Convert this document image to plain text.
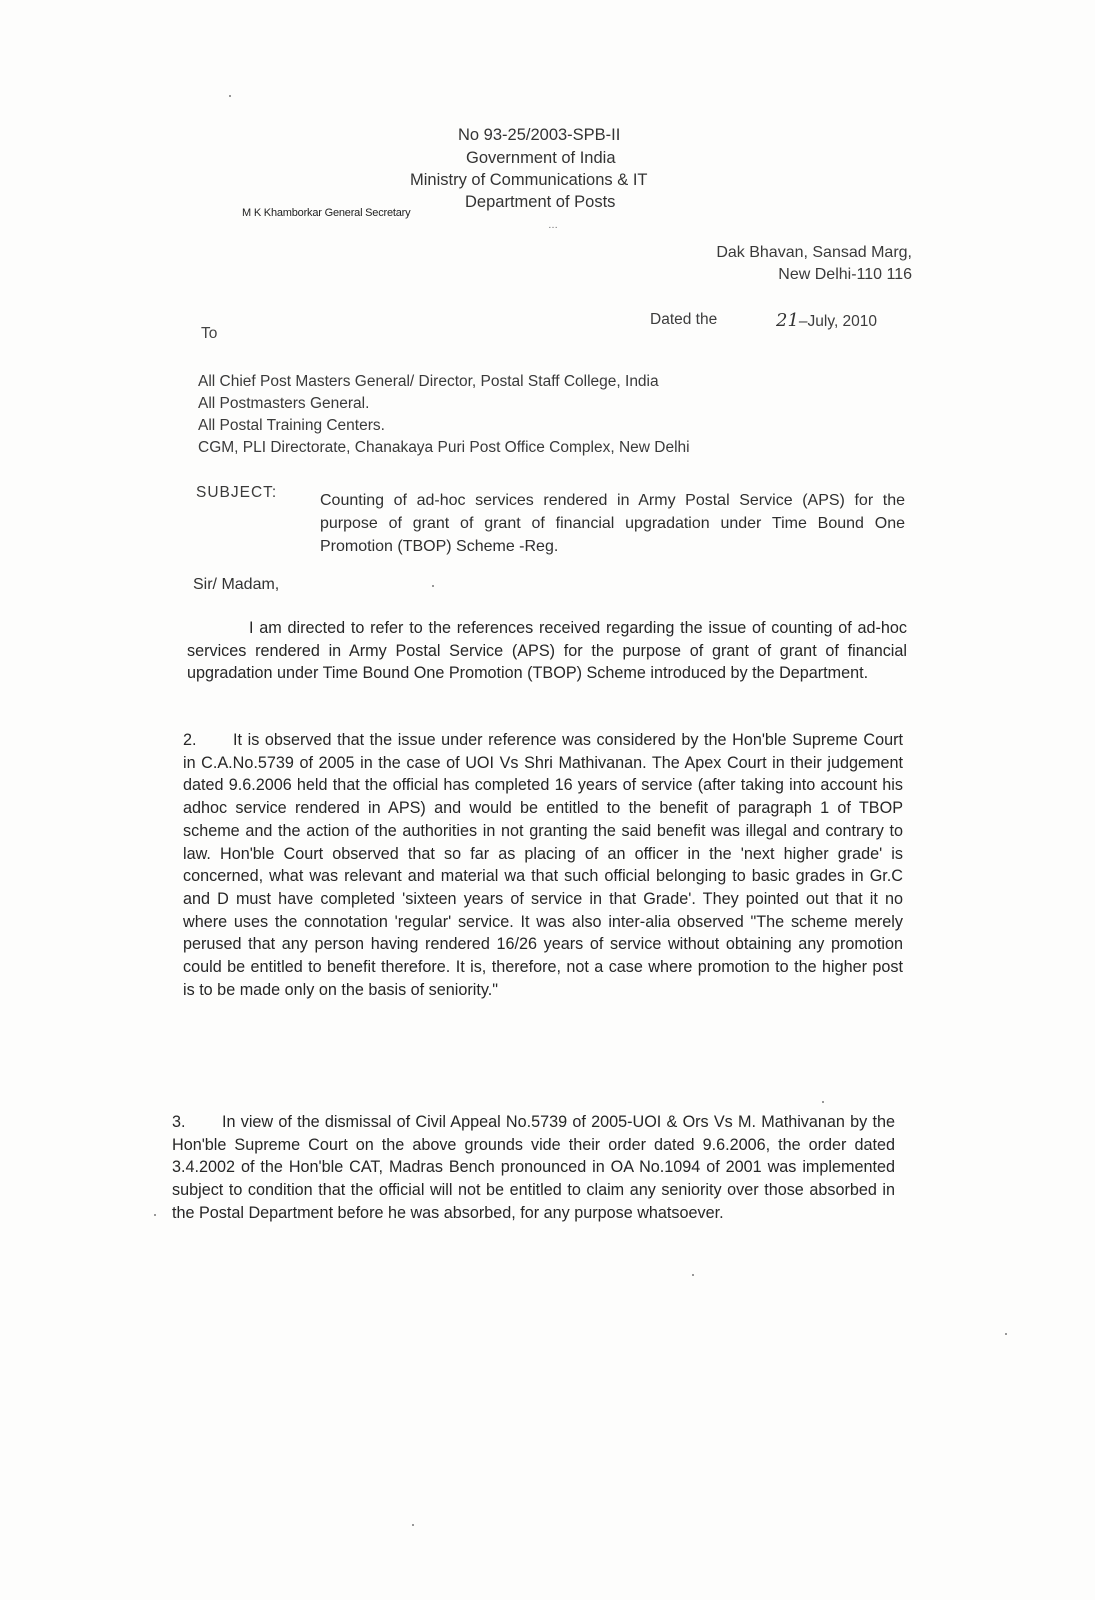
No 93-25/2003-SPB-II
Government of India
Ministry of Communications & IT
Department of Posts
M K Khamborkar General Secretary
…
Dak Bhavan, Sansad Marg,
New Delhi-110 116
Dated the	21–July, 2010
To
All Chief Post Masters General/ Director, Postal Staff College, India
All Postmasters General.
All Postal Training Centers.
CGM, PLI Directorate, Chanakaya Puri Post Office Complex, New Delhi
SUBJECT:	Counting of ad-hoc services rendered in Army Postal Service (APS) for the purpose of grant of grant of financial upgradation under Time Bound One Promotion (TBOP) Scheme -Reg.
Sir/ Madam,
I am directed to refer to the references received regarding the issue of counting of ad-hoc services rendered in Army Postal Service (APS) for the purpose of grant of grant of financial upgradation under Time Bound One Promotion (TBOP) Scheme introduced by the Department.
2. It is observed that the issue under reference was considered by the Hon'ble Supreme Court in C.A.No.5739 of 2005 in the case of UOI Vs Shri Mathivanan. The Apex Court in their judgement dated 9.6.2006 held that the official has completed 16 years of service (after taking into account his adhoc service rendered in APS) and would be entitled to the benefit of paragraph 1 of TBOP scheme and the action of the authorities in not granting the said benefit was illegal and contrary to law. Hon'ble Court observed that so far as placing of an officer in the 'next higher grade' is concerned, what was relevant and material wa that such official belonging to basic grades in Gr.C and D must have completed 'sixteen years of service in that Grade'. They pointed out that it no where uses the connotation 'regular' service. It was also inter-alia observed "The scheme merely perused that any person having rendered 16/26 years of service without obtaining any promotion could be entitled to benefit therefore. It is, therefore, not a case where promotion to the higher post is to be made only on the basis of seniority."
3. In view of the dismissal of Civil Appeal No.5739 of 2005-UOI & Ors Vs M. Mathivanan by the Hon'ble Supreme Court on the above grounds vide their order dated 9.6.2006, the order dated 3.4.2002 of the Hon'ble CAT, Madras Bench pronounced in OA No.1094 of 2001 was implemented subject to condition that the official will not be entitled to claim any seniority over those absorbed in the Postal Department before he was absorbed, for any purpose whatsoever.
